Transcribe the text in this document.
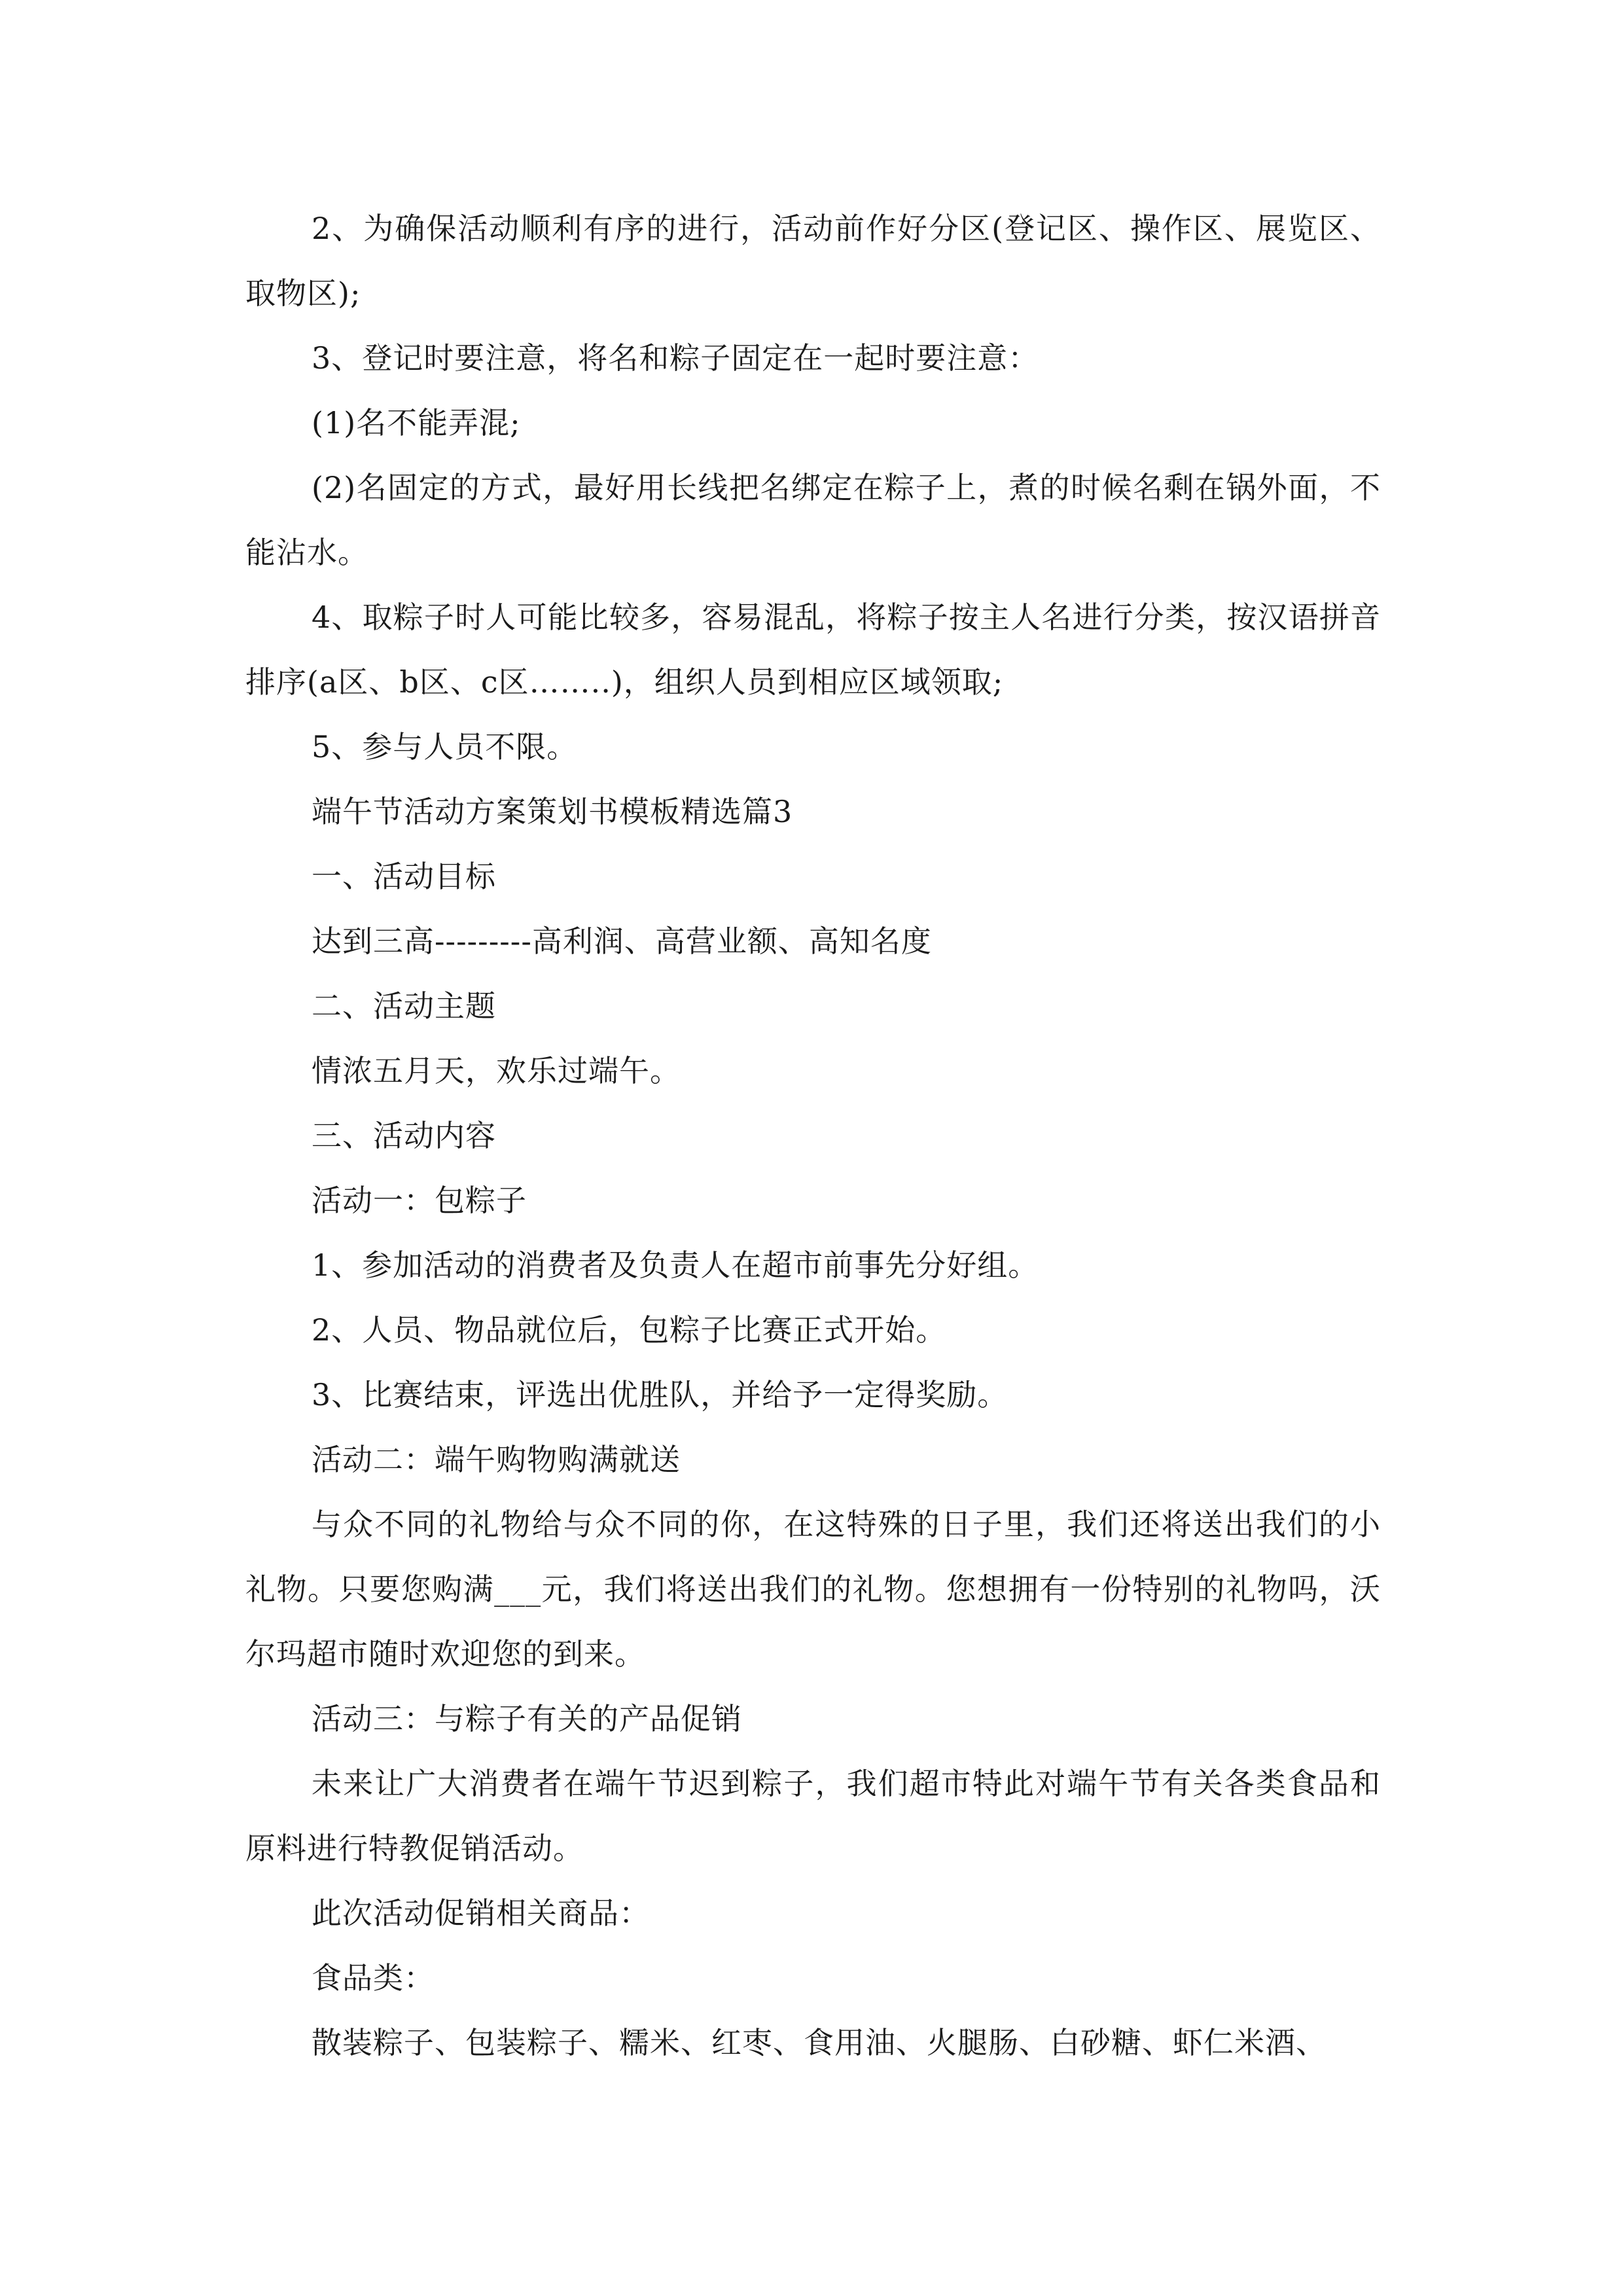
2、为确保活动顺利有序的进行，活动前作好分区(登记区、操作区、展览区、取物区);

3、登记时要注意，将名和粽子固定在一起时要注意：

(1)名不能弄混;

(2)名固定的方式，最好用长线把名绑定在粽子上，煮的时候名剩在锅外面，不能沾水。

4、取粽子时人可能比较多，容易混乱，将粽子按主人名进行分类，按汉语拼音排序(a区、b区、c区……..)，组织人员到相应区域领取;

5、参与人员不限。

端午节活动方案策划书模板精选篇3

一、活动目标

达到三高---------高利润、高营业额、高知名度

二、活动主题

情浓五月天，欢乐过端午。

三、活动内容

活动一：包粽子

1、参加活动的消费者及负责人在超市前事先分好组。

2、人员、物品就位后，包粽子比赛正式开始。

3、比赛结束，评选出优胜队，并给予一定得奖励。

活动二：端午购物购满就送

与众不同的礼物给与众不同的你，在这特殊的日子里，我们还将送出我们的小礼物。只要您购满___元，我们将送出我们的礼物。您想拥有一份特别的礼物吗，沃尔玛超市随时欢迎您的到来。

活动三：与粽子有关的产品促销

未来让广大消费者在端午节迟到粽子，我们超市特此对端午节有关各类食品和原料进行特教促销活动。

此次活动促销相关商品：

食品类：

散装粽子、包装粽子、糯米、红枣、食用油、火腿肠、白砂糖、虾仁米酒、
